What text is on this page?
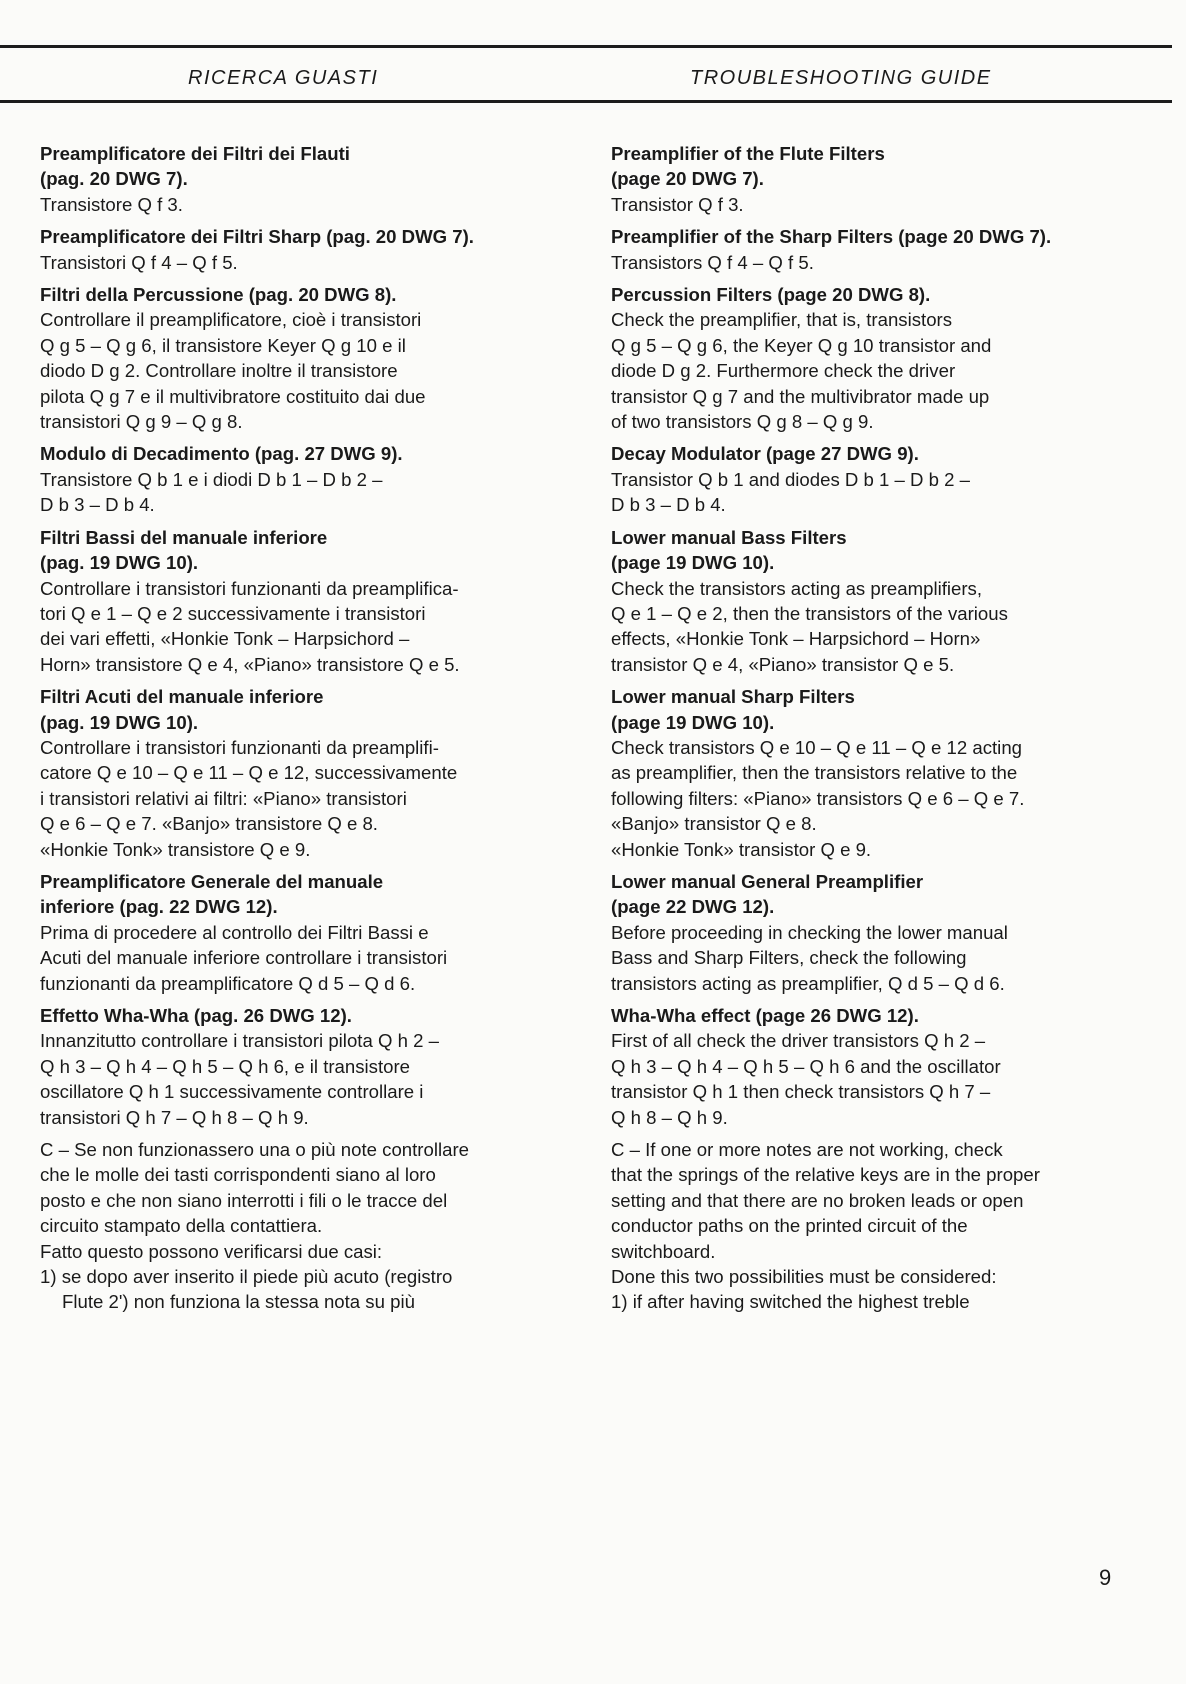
RICERCA GUASTI	TROUBLESHOOTING GUIDE
Preamplificatore dei Filtri dei Flauti
(pag. 20 DWG 7).
Transistore Q f 3.
Preamplificatore dei Filtri Sharp (pag. 20 DWG 7).
Transistori Q f 4 – Q f 5.
Filtri della Percussione (pag. 20 DWG 8).
Controllare il preamplificatore, cioè i transistori
Q g 5 – Q g 6, il transistore Keyer Q g 10 e il
diodo D g 2. Controllare inoltre il transistore
pilota Q g 7 e il multivibratore costituito dai due
transistori Q g 9 – Q g 8.
Modulo di Decadimento (pag. 27 DWG 9).
Transistore Q b 1 e i diodi D b 1 – D b 2 –
D b 3 – D b 4.
Filtri Bassi del manuale inferiore
(pag. 19 DWG 10).
Controllare i transistori funzionanti da preamplifica-
tori Q e 1 – Q e 2 successivamente i transistori
dei vari effetti, «Honkie Tonk – Harpsichord –
Horn» transistore Q e 4, «Piano» transistore Q e 5.
Filtri Acuti del manuale inferiore
(pag. 19 DWG 10).
Controllare i transistori funzionanti da preamplifi-
catore Q e 10 – Q e 11 – Q e 12, successivamente
i transistori relativi ai filtri: «Piano» transistori
Q e 6 – Q e 7. «Banjo» transistore Q e 8.
«Honkie Tonk» transistore Q e 9.
Preamplificatore Generale del manuale
inferiore (pag. 22 DWG 12).
Prima di procedere al controllo dei Filtri Bassi e
Acuti del manuale inferiore controllare i transistori
funzionanti da preamplificatore Q d 5 – Q d 6.
Effetto Wha-Wha (pag. 26 DWG 12).
Innanzitutto controllare i transistori pilota Q h 2 –
Q h 3 – Q h 4 – Q h 5 – Q h 6, e il transistore
oscillatore Q h 1 successivamente controllare i
transistori Q h 7 – Q h 8 – Q h 9.
C – Se non funzionassero una o più note controllare
che le molle dei tasti corrispondenti siano al loro
posto e che non siano interrotti i fili o le tracce del
circuito stampato della contattiera.
Fatto questo possono verificarsi due casi:
1) se dopo aver inserito il piede più acuto (registro
Flute 2') non funziona la stessa nota su più
Preamplifier of the Flute Filters
(page 20 DWG 7).
Transistor Q f 3.
Preamplifier of the Sharp Filters (page 20 DWG 7).
Transistors Q f 4 – Q f 5.
Percussion Filters (page 20 DWG 8).
Check the preamplifier, that is, transistors
Q g 5 – Q g 6, the Keyer Q g 10 transistor and
diode D g 2. Furthermore check the driver
transistor Q g 7 and the multivibrator made up
of two transistors Q g 8 – Q g 9.
Decay Modulator (page 27 DWG 9).
Transistor Q b 1 and diodes D b 1 – D b 2 –
D b 3 – D b 4.
Lower manual Bass Filters
(page 19 DWG 10).
Check the transistors acting as preamplifiers,
Q e 1 – Q e 2, then the transistors of the various
effects, «Honkie Tonk – Harpsichord – Horn»
transistor Q e 4, «Piano» transistor Q e 5.
Lower manual Sharp Filters
(page 19 DWG 10).
Check transistors Q e 10 – Q e 11 – Q e 12 acting
as preamplifier, then the transistors relative to the
following filters: «Piano» transistors Q e 6 – Q e 7.
«Banjo» transistor Q e 8.
«Honkie Tonk» transistor Q e 9.
Lower manual General Preamplifier
(page 22 DWG 12).
Before proceeding in checking the lower manual
Bass and Sharp Filters, check the following
transistors acting as preamplifier, Q d 5 – Q d 6.
Wha-Wha effect (page 26 DWG 12).
First of all check the driver transistors Q h 2 –
Q h 3 – Q h 4 – Q h 5 – Q h 6 and the oscillator
transistor Q h 1 then check transistors Q h 7 –
Q h 8 – Q h 9.
C – If one or more notes are not working, check
that the springs of the relative keys are in the proper
setting and that there are no broken leads or open
conductor paths on the printed circuit of the
switchboard.
Done this two possibilities must be considered:
1) if after having switched the highest treble
9
